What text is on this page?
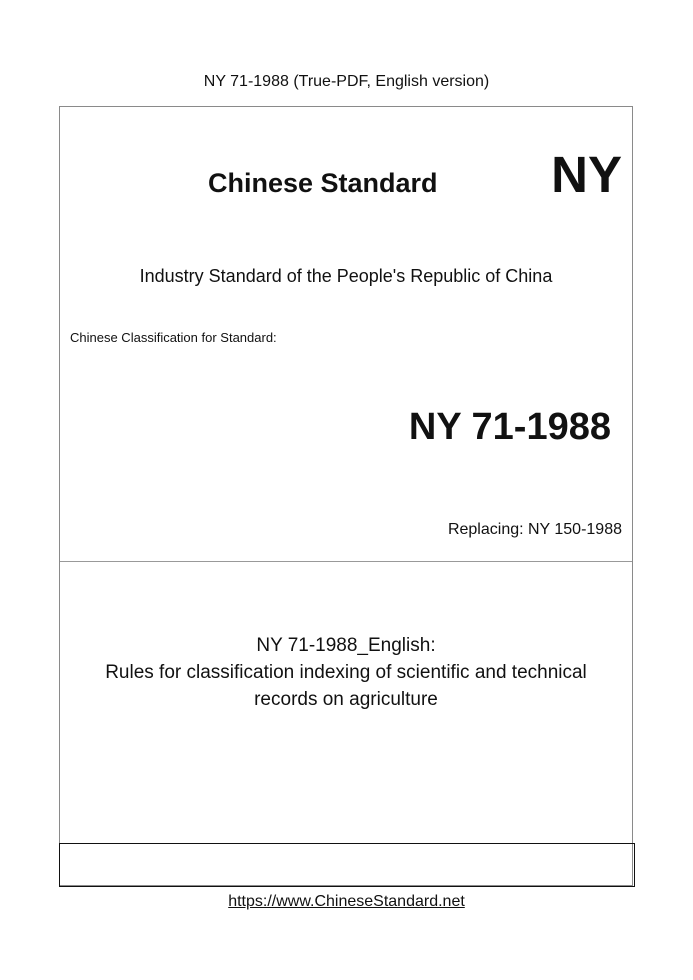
NY 71-1988 (True-PDF, English version)
Chinese Standard NY
Industry Standard of the People's Republic of China
Chinese Classification for Standard:
NY 71-1988
Replacing: NY 150-1988
NY 71-1988_English:
Rules for classification indexing of scientific and technical
records on agriculture
https://www.ChineseStandard.net
